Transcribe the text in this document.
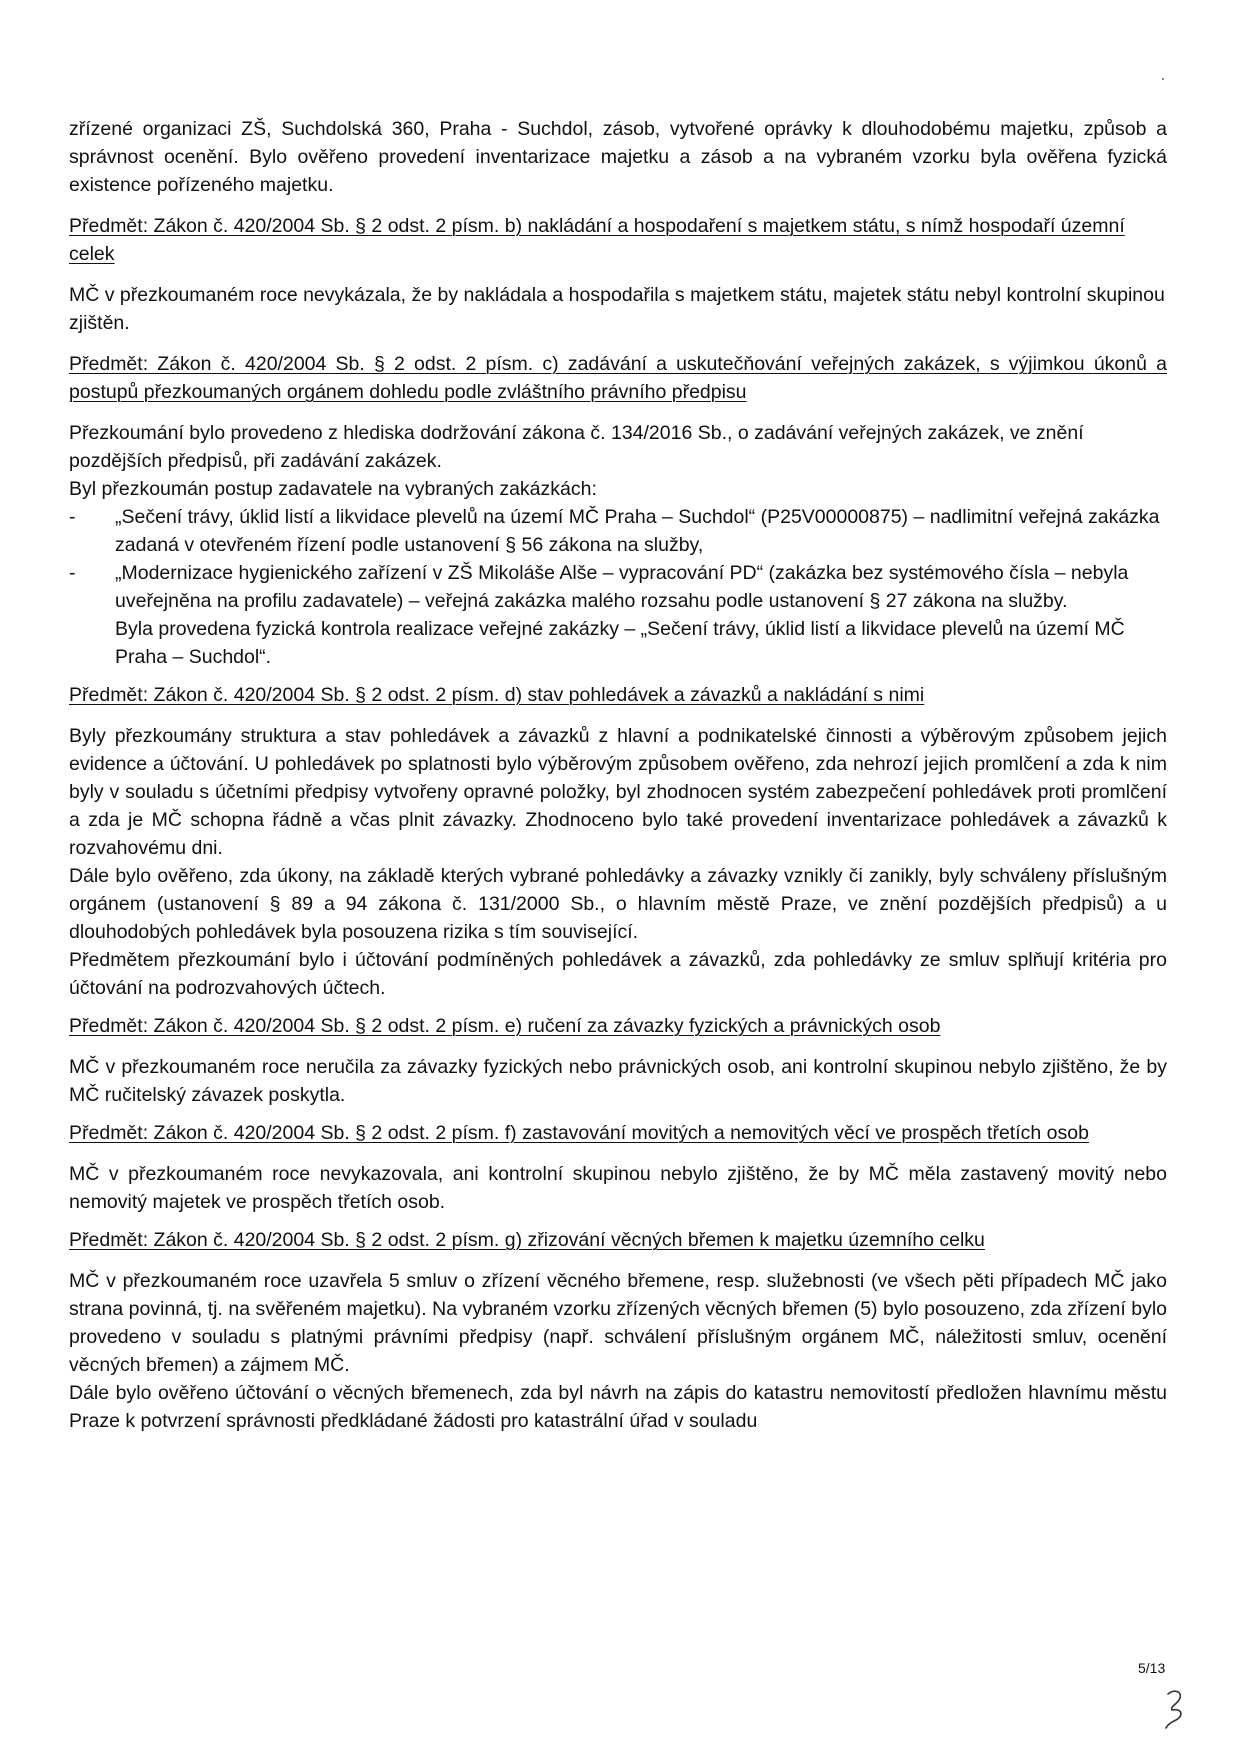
zřízené organizaci ZŠ, Suchdolská 360, Praha - Suchdol, zásob, vytvořené oprávky k dlouhodobému majetku, způsob a správnost ocenění. Bylo ověřeno provedení inventarizace majetku a zásob a na vybraném vzorku byla ověřena fyzická existence pořízeného majetku.

Předmět: Zákon č. 420/2004 Sb. § 2 odst. 2 písm. b) nakládání a hospodaření s majetkem státu, s nímž hospodaří územní celek

MČ v přezkoumaném roce nevykázala, že by nakládala a hospodařila s majetkem státu, majetek státu nebyl kontrolní skupinou zjištěn.

Předmět: Zákon č. 420/2004 Sb. § 2 odst. 2 písm. c) zadávání a uskutečňování veřejných zakázek, s výjimkou úkonů a postupů přezkoumaných orgánem dohledu podle zvláštního právního předpisu

Přezkoumání bylo provedeno z hlediska dodržování zákona č. 134/2016 Sb., o zadávání veřejných zakázek, ve znění pozdějších předpisů, při zadávání zakázek.

Byl přezkoumán postup zadavatele na vybraných zakázkách:

- „Sečení trávy, úklid listí a likvidace plevelů na území MČ Praha – Suchdol“ (P25V00000875) – nadlimitní veřejná zakázka zadaná v otevřeném řízení podle ustanovení § 56 zákona na služby,
- „Modernizace hygienického zařízení v ZŠ Mikoláše Alše – vypracování PD“ (zakázka bez systémového čísla – nebyla uveřejněna na profilu zadavatele) – veřejná zakázka malého rozsahu podle ustanovení § 27 zákona na služby.

Byla provedena fyzická kontrola realizace veřejné zakázky – „Sečení trávy, úklid listí a likvidace plevelů na území MČ Praha – Suchdol“.

Předmět: Zákon č. 420/2004 Sb. § 2 odst. 2 písm. d) stav pohledávek a závazků a nakládání s nimi

Byly přezkoumány struktura a stav pohledávek a závazků z hlavní a podnikatelské činnosti a výběrovým způsobem jejich evidence a účtování. U pohledávek po splatnosti bylo výběrovým způsobem ověřeno, zda nehrozí jejich promlčení a zda k nim byly v souladu s účetními předpisy vytvořeny opravné položky, byl zhodnocen systém zabezpečení pohledávek proti promlčení a zda je MČ schopna řádně a včas plnit závazky. Zhodnoceno bylo také provedení inventarizace pohledávek a závazků k rozvahovému dni.

Dále bylo ověřeno, zda úkony, na základě kterých vybrané pohledávky a závazky vznikly či zanikly, byly schváleny příslušným orgánem (ustanovení § 89 a 94 zákona č. 131/2000 Sb., o hlavním městě Praze, ve znění pozdějších předpisů) a u dlouhodobých pohledávek byla posouzena rizika s tím související.

Předmětem přezkoumání bylo i účtování podmíněných pohledávek a závazků, zda pohledávky ze smluv splňují kritéria pro účtování na podrozvahových účtech.

Předmět: Zákon č. 420/2004 Sb. § 2 odst. 2 písm. e) ručení za závazky fyzických a právnických osob

MČ v přezkoumaném roce neručila za závazky fyzických nebo právnických osob, ani kontrolní skupinou nebylo zjištěno, že by MČ ručitelský závazek poskytla.

Předmět: Zákon č. 420/2004 Sb. § 2 odst. 2 písm. f) zastavování movitých a nemovitých věcí ve prospěch třetích osob

MČ v přezkoumaném roce nevykazovala, ani kontrolní skupinou nebylo zjištěno, že by MČ měla zastavený movitý nebo nemovitý majetek ve prospěch třetích osob.

Předmět: Zákon č. 420/2004 Sb. § 2 odst. 2 písm. g) zřizování věcných břemen k majetku územního celku

MČ v přezkoumaném roce uzavřela 5 smluv o zřízení věcného břemene, resp. služebnosti (ve všech pěti případech MČ jako strana povinná, tj. na svěřeném majetku). Na vybraném vzorku zřízených věcných břemen (5) bylo posouzeno, zda zřízení bylo provedeno v souladu s platnými právními předpisy (např. schválení příslušným orgánem MČ, náležitosti smluv, ocenění věcných břemen) a zájmem MČ.

Dále bylo ověřeno účtování o věcných břemenech, zda byl návrh na zápis do katastru nemovitostí předložen hlavnímu městu Praze k potvrzení správnosti předkládané žádosti pro katastrální úřad v souladu

5/13
